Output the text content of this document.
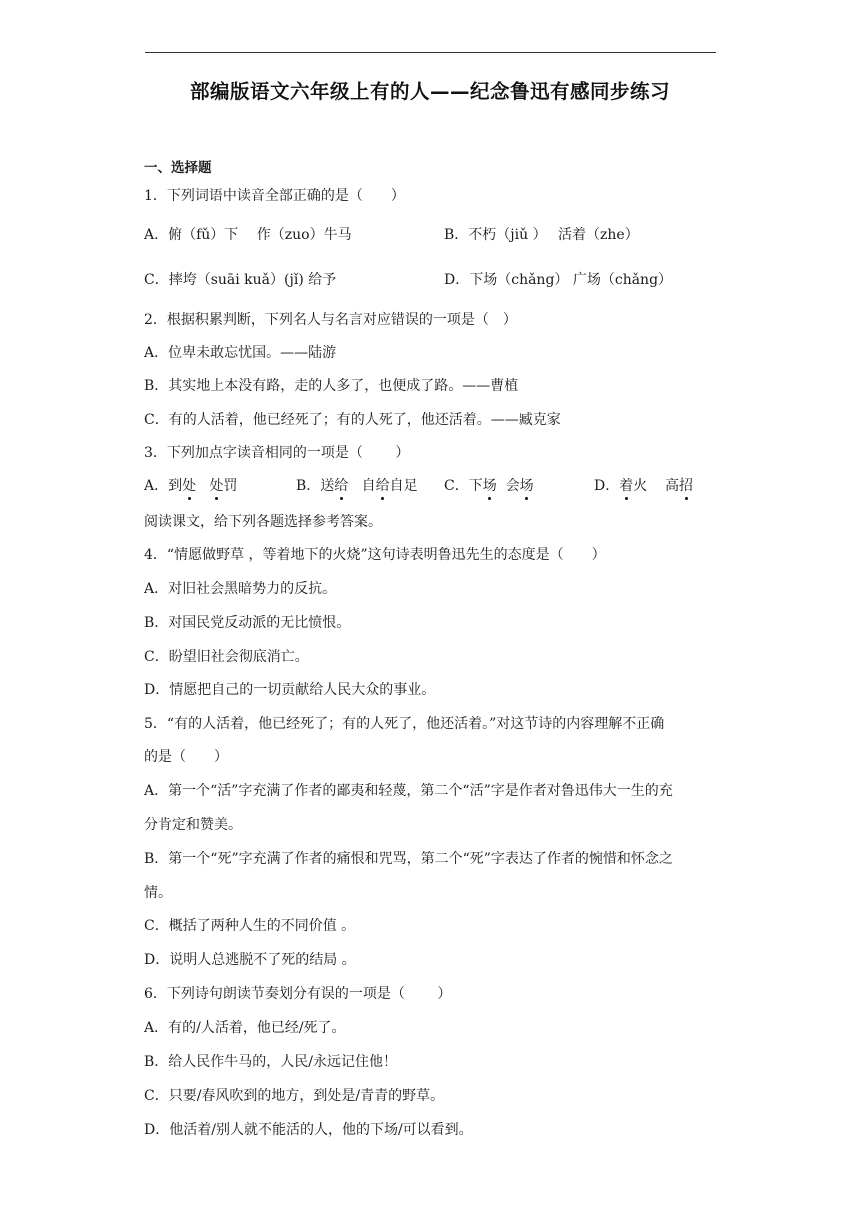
部编版语文六年级上有的人——纪念鲁迅有感同步练习
一、选择题
1．下列词语中读音全部正确的是（　　）
A．俯（fǔ）下　 作（zuo）牛马	B．不朽（jiǔ ）　 活着（zhe）
C．摔垮（suāi kuǎ）(jǐ) 给予	D．下场（chǎng） 广场（chǎng）
2．根据积累判断，下列名人与名言对应错误的一项是（　）
A．位卑未敢忘忧国。——陆游
B．其实地上本没有路，走的人多了，也便成了路。——曹植
C．有的人活着，他已经死了；有的人死了，他还活着。——臧克家
3．下列加点字读音相同的一项是（　　 ）
A．到处 处罚	B．送给 自给自足 C．下场 会场	D．着火 高招
阅读课文，给下列各题选择参考答案。
4．“情愿做野草 ，等着地下的火烧”这句诗表明鲁迅先生的态度是（　　）
A．对旧社会黑暗势力的反抗。
B．对国民党反动派的无比愤恨。
C．盼望旧社会彻底消亡。
D．情愿把自己的一切贡献给人民大众的事业。
5．“有的人活着，他已经死了；有的人死了，他还活着。”对这节诗的内容理解不正确
的是（　　）
A．第一个“活”字充满了作者的鄙夷和轻蔑，第二个“活”字是作者对鲁迅伟大一生的充
分肯定和赞美。
B．第一个“死”字充满了作者的痛恨和咒骂，第二个“死”字表达了作者的惋惜和怀念之
情。
C．概括了两种人生的不同价值 。
D．说明人总逃脱不了死的结局 。
6．下列诗句朗读节奏划分有误的一项是（　　 ）
A．有的/人活着，他已经/死了。
B．给人民作牛马的，人民/永远记住他！
C．只要/春风吹到的地方，到处是/青青的野草。
D．他活着/别人就不能活的人，他的下场/可以看到。
